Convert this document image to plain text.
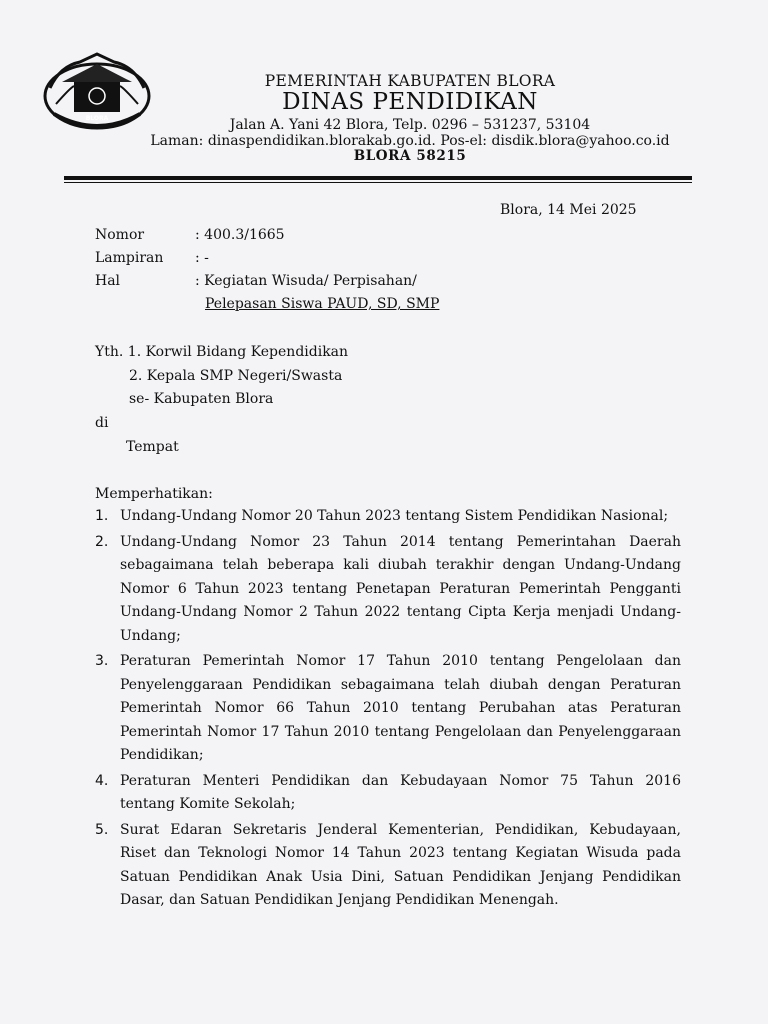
BLORA
PEMERINTAH KABUPATEN BLORA
DINAS PENDIDIKAN
Jalan A. Yani 42 Blora, Telp. 0296 – 531237, 53104
Laman: dinaspendidikan.blorakab.go.id. Pos-el: disdik.blora@yahoo.co.id
BLORA 58215
Blora, 14 Mei 2025
Nomor	: 400.3/1665
Lampiran : -
Hal	: Kegiatan Wisuda/ Perpisahan/
Pelepasan Siswa PAUD, SD, SMP
Yth. 1. Korwil Bidang Kependidikan
2. Kepala SMP Negeri/Swasta
se- Kabupaten Blora
di
Tempat
Memperhatikan:
1. Undang-Undang Nomor 20 Tahun 2023 tentang Sistem Pendidikan Nasional;
2. Undang-Undang Nomor 23 Tahun 2014 tentang Pemerintahan Daerah sebagaimana telah beberapa kali diubah terakhir dengan Undang-Undang Nomor 6 Tahun 2023 tentang Penetapan Peraturan Pemerintah Pengganti Undang-Undang Nomor 2 Tahun 2022 tentang Cipta Kerja menjadi Undang-Undang;
3. Peraturan Pemerintah Nomor 17 Tahun 2010 tentang Pengelolaan dan Penyelenggaraan Pendidikan sebagaimana telah diubah dengan Peraturan Pemerintah Nomor 66 Tahun 2010 tentang Perubahan atas Peraturan Pemerintah Nomor 17 Tahun 2010 tentang Pengelolaan dan Penyelenggaraan Pendidikan;
4. Peraturan Menteri Pendidikan dan Kebudayaan Nomor 75 Tahun 2016 tentang Komite Sekolah;
5. Surat Edaran Sekretaris Jenderal Kementerian, Pendidikan, Kebudayaan, Riset dan Teknologi Nomor 14 Tahun 2023 tentang Kegiatan Wisuda pada Satuan Pendidikan Anak Usia Dini, Satuan Pendidikan Jenjang Pendidikan Dasar, dan Satuan Pendidikan Jenjang Pendidikan Menengah.
